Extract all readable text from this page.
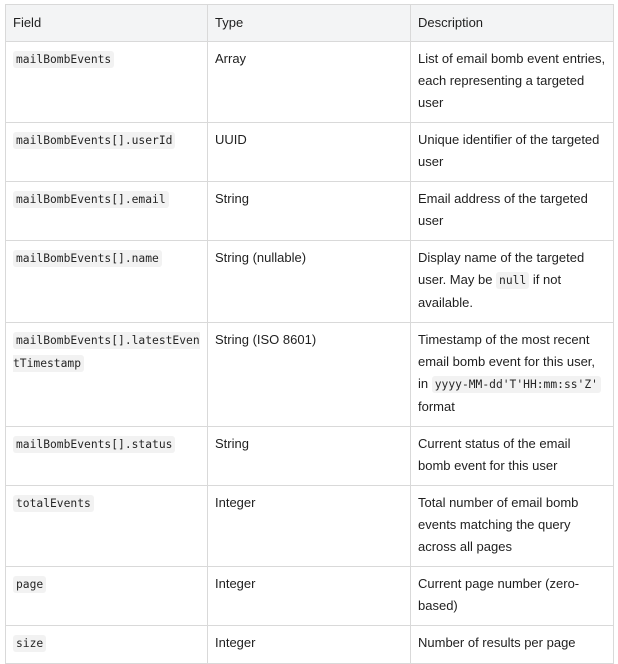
Field	Type	Description
mailBombEvents	Array	List of email bomb event entries, each representing a targeted user
mailBombEvents[].userId	UUID	Unique identifier of the targeted user
mailBombEvents[].email	String	Email address of the targeted user
mailBombEvents[].name	String (nullable)	Display name of the targeted user. May be null if not available.
mailBombEvents[].latestEventTimestamp	String (ISO 8601)	Timestamp of the most recent email bomb event for this user, in yyyy-MM-dd'T'HH:mm:ss'Z' format
mailBombEvents[].status	String	Current status of the email bomb event for this user
totalEvents	Integer	Total number of email bomb events matching the query across all pages
page	Integer	Current page number (zero-based)
size	Integer	Number of results per page
